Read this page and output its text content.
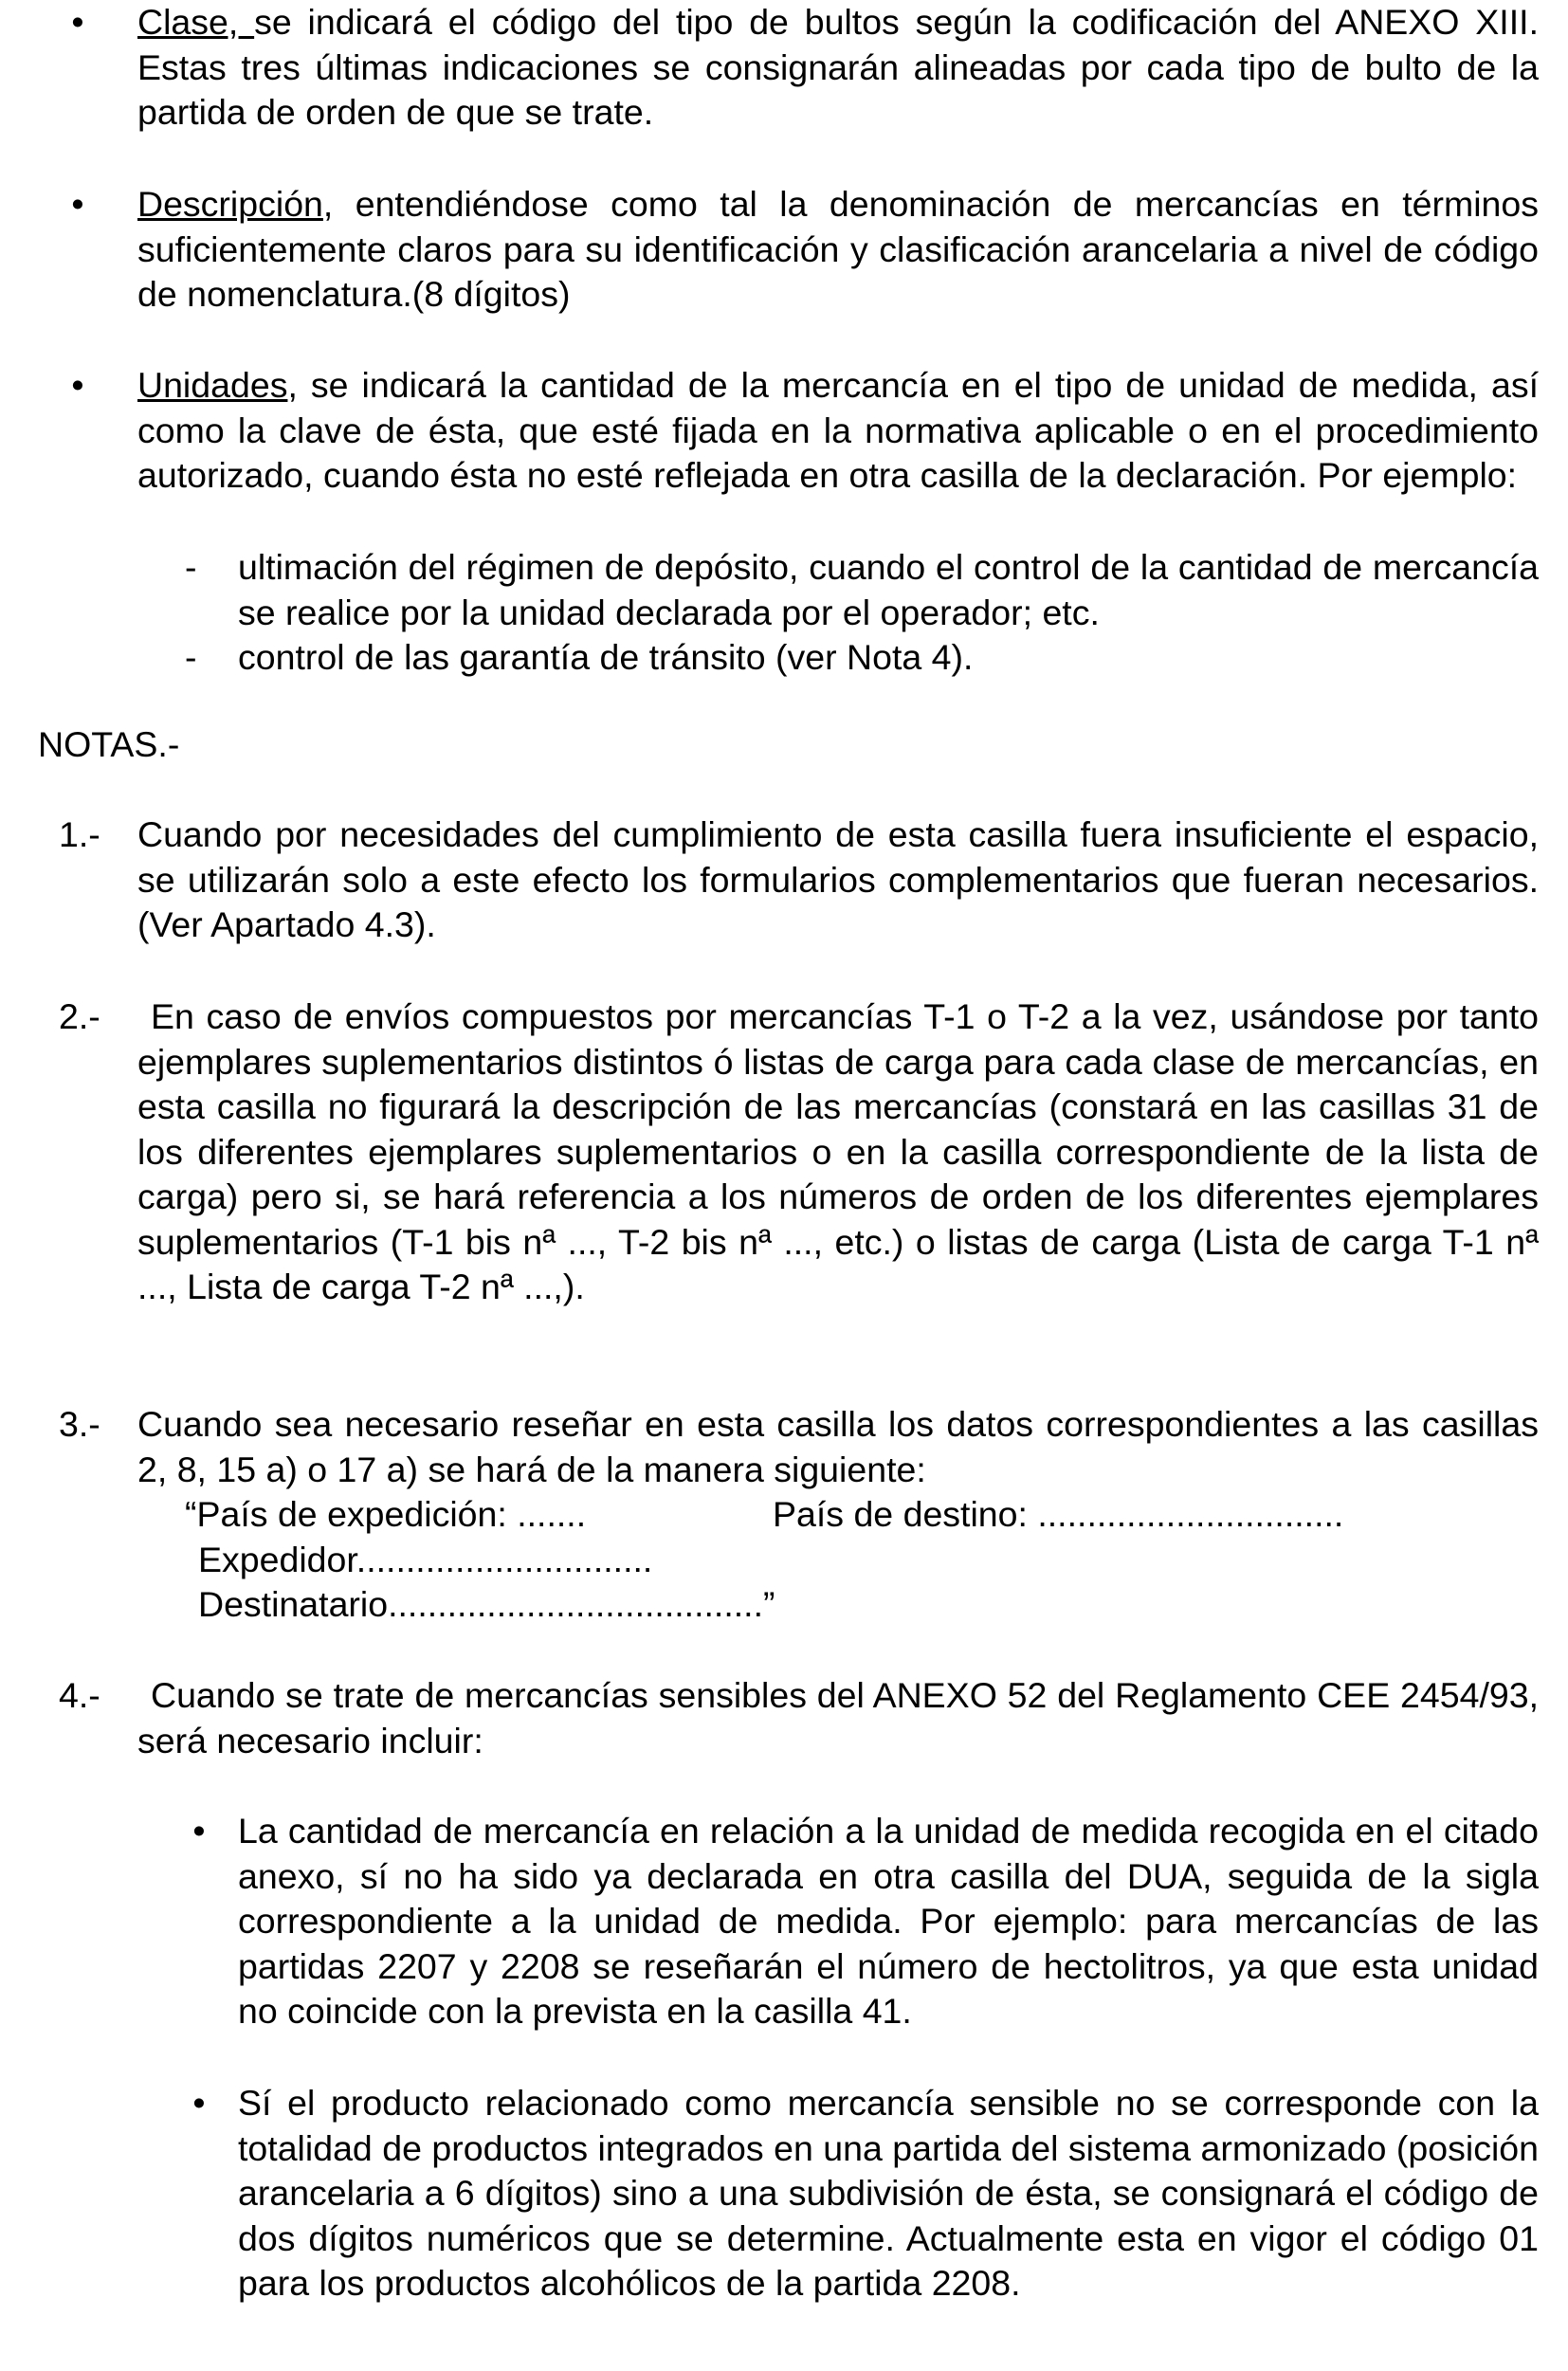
•	Clase, se indicará el código del tipo de bultos según la codificación del ANEXO XIII. Estas tres últimas indicaciones se consignarán alineadas por cada tipo de bulto de la partida de orden de que se trate.

•	Descripción, entendiéndose como tal la denominación de mercancías en términos suficientemente claros para su identificación y clasificación arancelaria a nivel de código de nomenclatura.(8 dígitos)

•	Unidades, se indicará la cantidad de la mercancía en el tipo de unidad de medida, así como la clave de ésta, que esté fijada en la normativa aplicable o en el procedimiento autorizado, cuando ésta no esté reflejada en otra casilla de la declaración. Por ejemplo:

-	ultimación del régimen de depósito, cuando el control de la cantidad de mercancía se realice por la unidad declarada por el operador; etc.

-	control de las garantía de tránsito (ver Nota 4).

NOTAS.-

1.- Cuando por necesidades del cumplimiento de esta casilla fuera insuficiente el espacio, se utilizarán solo a este efecto los formularios complementarios que fueran necesarios. (Ver Apartado 4.3).

2.-	En caso de envíos compuestos por mercancías T-1 o T-2 a la vez, usándose por tanto ejemplares suplementarios distintos ó listas de carga para cada clase de mercancías, en esta casilla no figurará la descripción de las mercancías (constará en las casillas 31 de los diferentes ejemplares suplementarios o en la casilla correspondiente de la lista de carga) pero si, se hará referencia a los números de orden de los diferentes ejemplares suplementarios (T-1 bis nª ..., T-2 bis nª ..., etc.) o listas de carga (Lista de carga T-1 nª ..., Lista de carga T-2 nª ...,).

3.- Cuando sea necesario reseñar en esta casilla los datos correspondientes a las casillas 2, 8, 15 a) o 17 a) se hará de la manera siguiente:

“País de expedición: .......	País de destino: ...............................

Expedidor..............................

Destinatario......................................”

4.-	Cuando se trate de mercancías sensibles del ANEXO 52 del Reglamento CEE 2454/93, será necesario incluir:

• La cantidad de mercancía en relación a la unidad de medida recogida en el citado anexo, sí no ha sido ya declarada en otra casilla del DUA, seguida de la sigla correspondiente a la unidad de medida. Por ejemplo: para mercancías de las partidas 2207 y 2208 se reseñarán el número de hectolitros, ya que esta unidad no coincide con la prevista en la casilla 41.

• Sí el producto relacionado como mercancía sensible no se corresponde con la totalidad de productos integrados en una partida del sistema armonizado (posición arancelaria a 6 dígitos) sino a una subdivisión de ésta, se consignará el código de dos dígitos numéricos que se determine. Actualmente esta en vigor el código 01 para los productos alcohólicos de la partida 2208.
